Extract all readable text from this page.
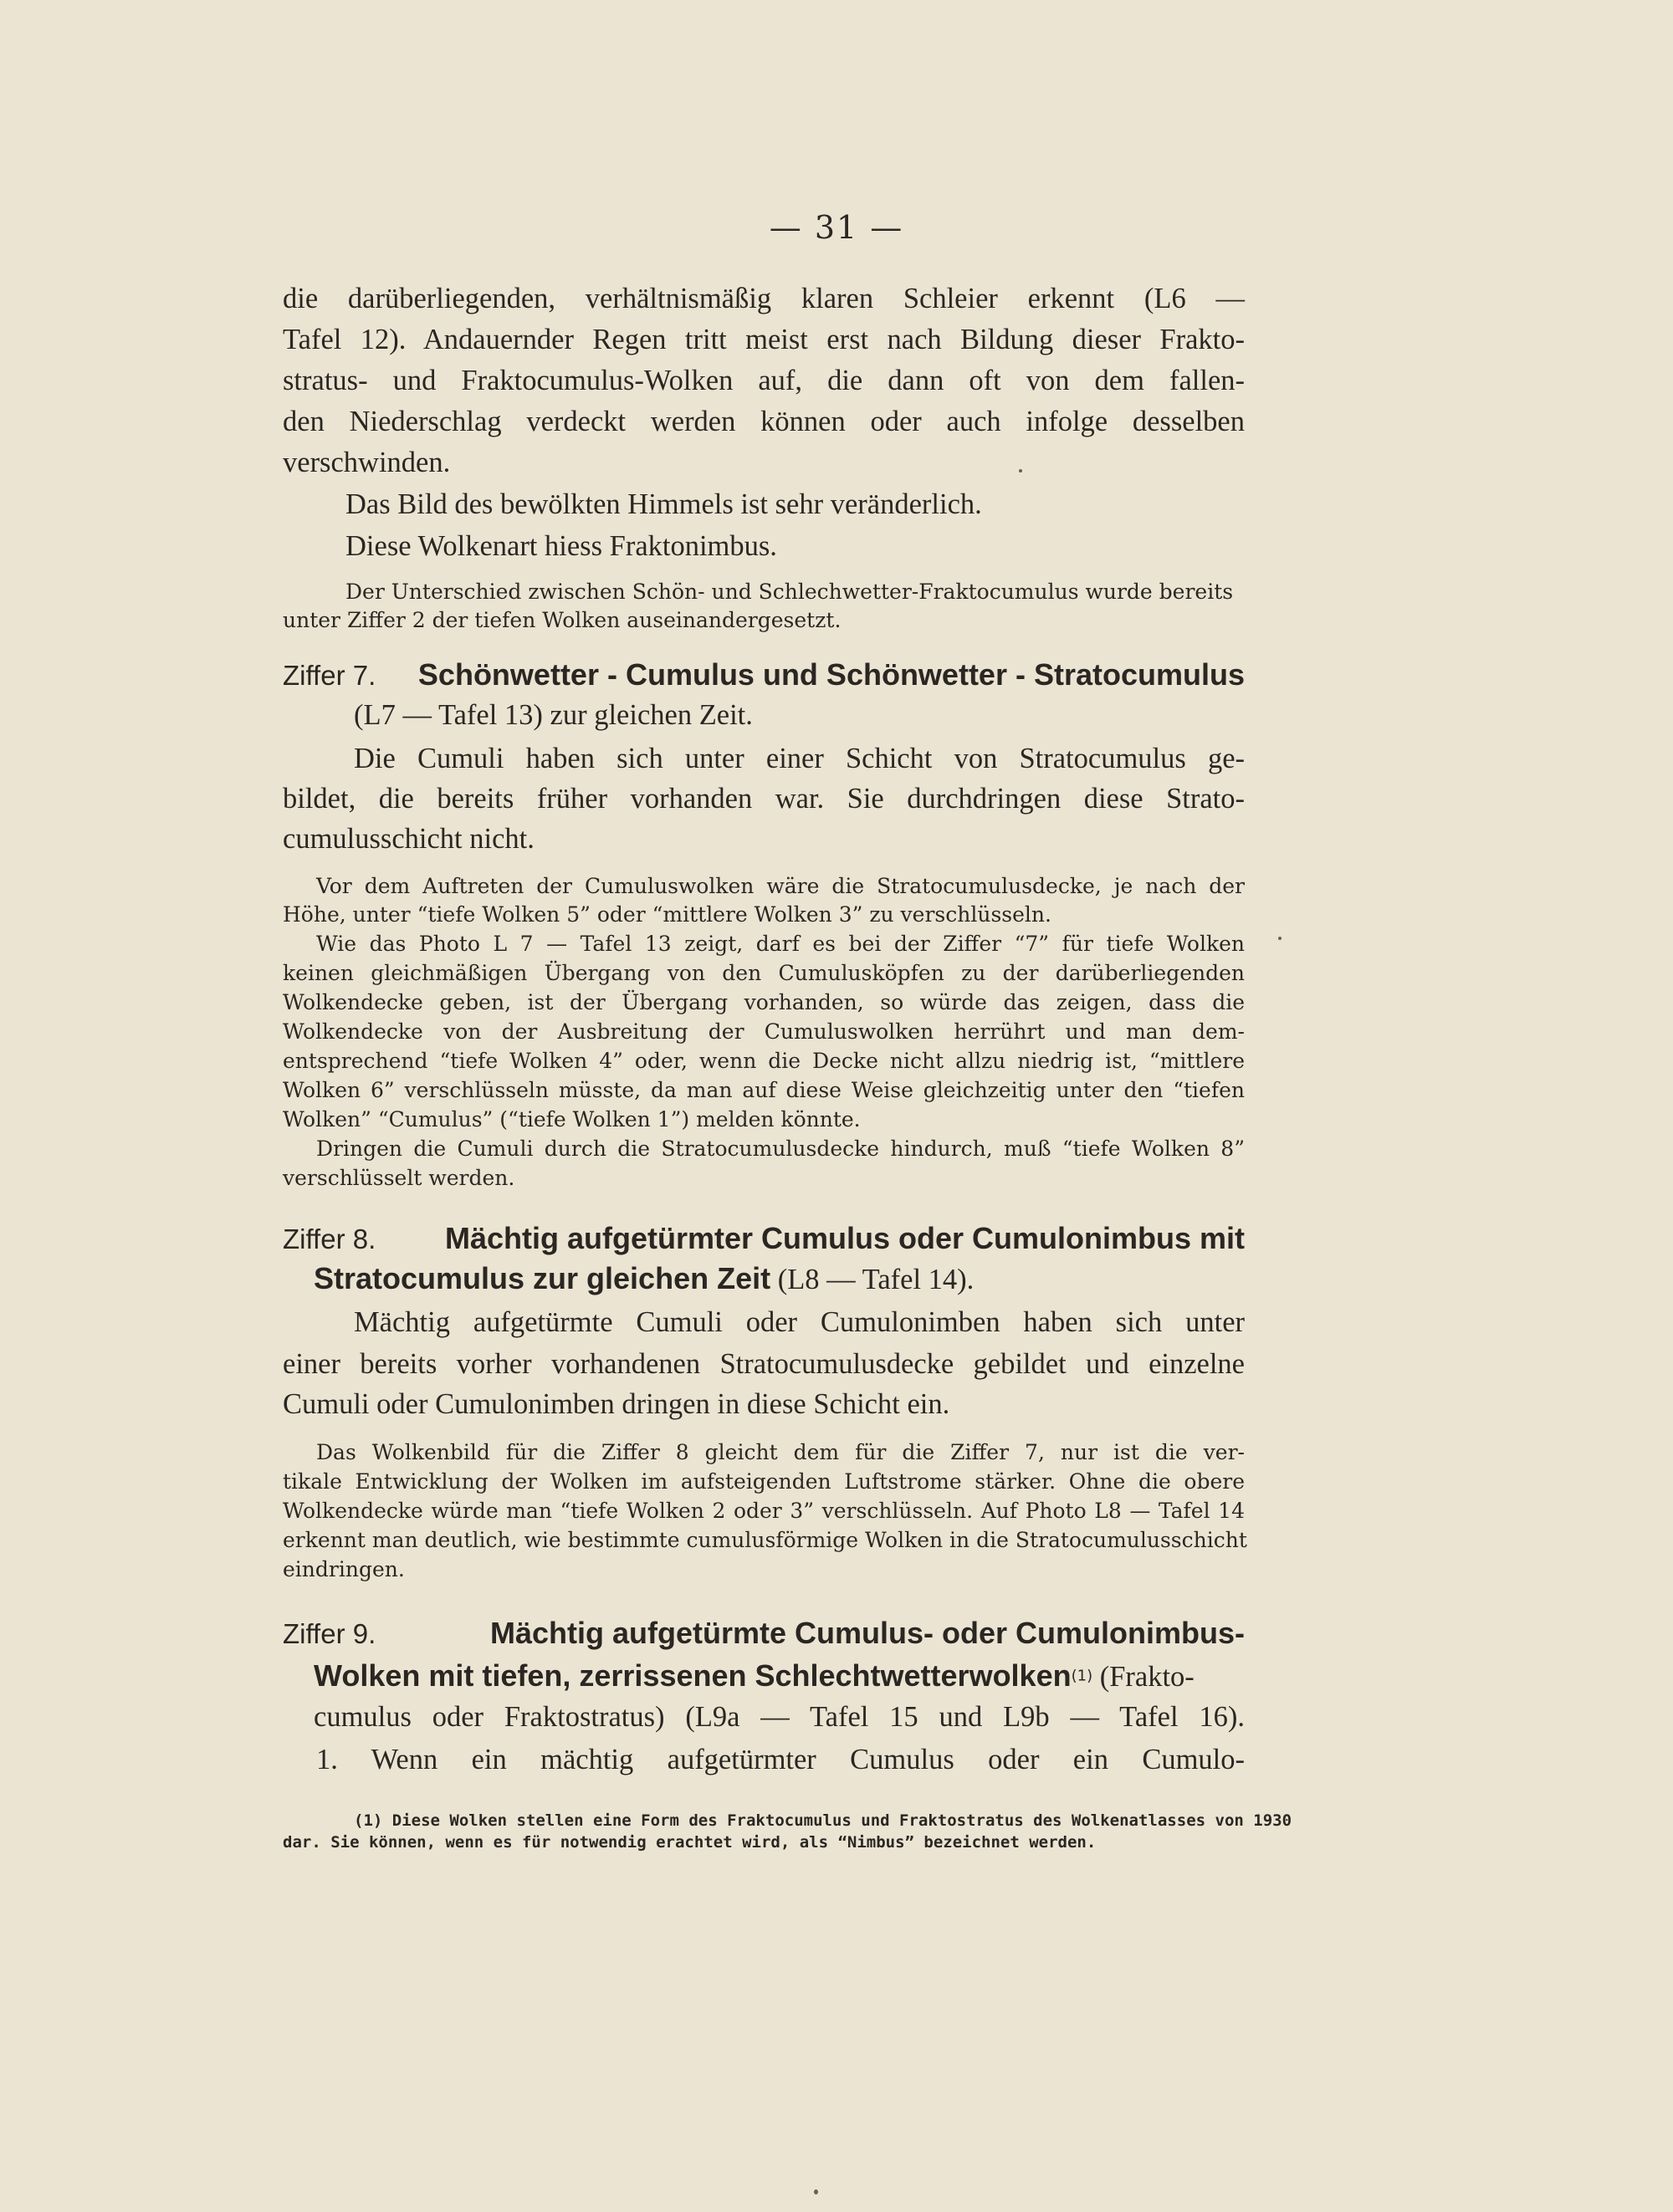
— 31 —
die darüberliegenden, verhältnismäßig klaren Schleier erkennt (L6 —
Tafel 12). Andauernder Regen tritt meist erst nach Bildung dieser Frakto-
stratus- und Fraktocumulus-Wolken auf, die dann oft von dem fallen-
den Niederschlag verdeckt werden können oder auch infolge desselben
verschwinden.
Das Bild des bewölkten Himmels ist sehr veränderlich.
Diese Wolkenart hiess Fraktonimbus.
Der Unterschied zwischen Schön- und Schlechwetter-Fraktocumulus wurde bereits
unter Ziffer 2 der tiefen Wolken auseinandergesetzt.
Ziffer 7. Schönwetter - Cumulus und Schönwetter - Stratocumulus
(L7 — Tafel 13) zur gleichen Zeit.
Die Cumuli haben sich unter einer Schicht von Stratocumulus ge-
bildet, die bereits früher vorhanden war. Sie durchdringen diese Strato-
cumulusschicht nicht.
Vor dem Auftreten der Cumuluswolken wäre die Stratocumulusdecke, je nach der
Höhe, unter “tiefe Wolken 5” oder “mittlere Wolken 3” zu verschlüsseln.
Wie das Photo L 7 — Tafel 13 zeigt, darf es bei der Ziffer “7” für tiefe Wolken
keinen gleichmäßigen Übergang von den Cumulusköpfen zu der darüberliegenden
Wolkendecke geben, ist der Übergang vorhanden, so würde das zeigen, dass die
Wolkendecke von der Ausbreitung der Cumuluswolken herrührt und man dem-
entsprechend “tiefe Wolken 4” oder, wenn die Decke nicht allzu niedrig ist, “mittlere
Wolken 6” verschlüsseln müsste, da man auf diese Weise gleichzeitig unter den “tiefen
Wolken” “Cumulus” (“tiefe Wolken 1”) melden könnte.
Dringen die Cumuli durch die Stratocumulusdecke hindurch, muß “tiefe Wolken 8”
verschlüsselt werden.
Ziffer 8. Mächtig aufgetürmter Cumulus oder Cumulonimbus mit
Stratocumulus zur gleichen Zeit (L8 — Tafel 14).
Mächtig aufgetürmte Cumuli oder Cumulonimben haben sich unter
einer bereits vorher vorhandenen Stratocumulusdecke gebildet und einzelne
Cumuli oder Cumulonimben dringen in diese Schicht ein.
Das Wolkenbild für die Ziffer 8 gleicht dem für die Ziffer 7, nur ist die ver-
tikale Entwicklung der Wolken im aufsteigenden Luftstrome stärker. Ohne die obere
Wolkendecke würde man “tiefe Wolken 2 oder 3” verschlüsseln. Auf Photo L8 — Tafel 14
erkennt man deutlich, wie bestimmte cumulusförmige Wolken in die Stratocumulusschicht
eindringen.
Ziffer 9.	Mächtig aufgetürmte Cumulus- oder Cumulonimbus-
Wolken mit tiefen, zerrissenen Schlechtwetterwolken(1) (Frakto-
cumulus oder Fraktostratus) (L9a — Tafel 15 und L9b — Tafel 16).
1. Wenn ein mächtig aufgetürmter Cumulus oder ein Cumulo-
(1) Diese Wolken stellen eine Form des Fraktocumulus und Fraktostratus des Wolkenatlasses von 1930
dar. Sie können, wenn es für notwendig erachtet wird, als “Nimbus” bezeichnet werden.
